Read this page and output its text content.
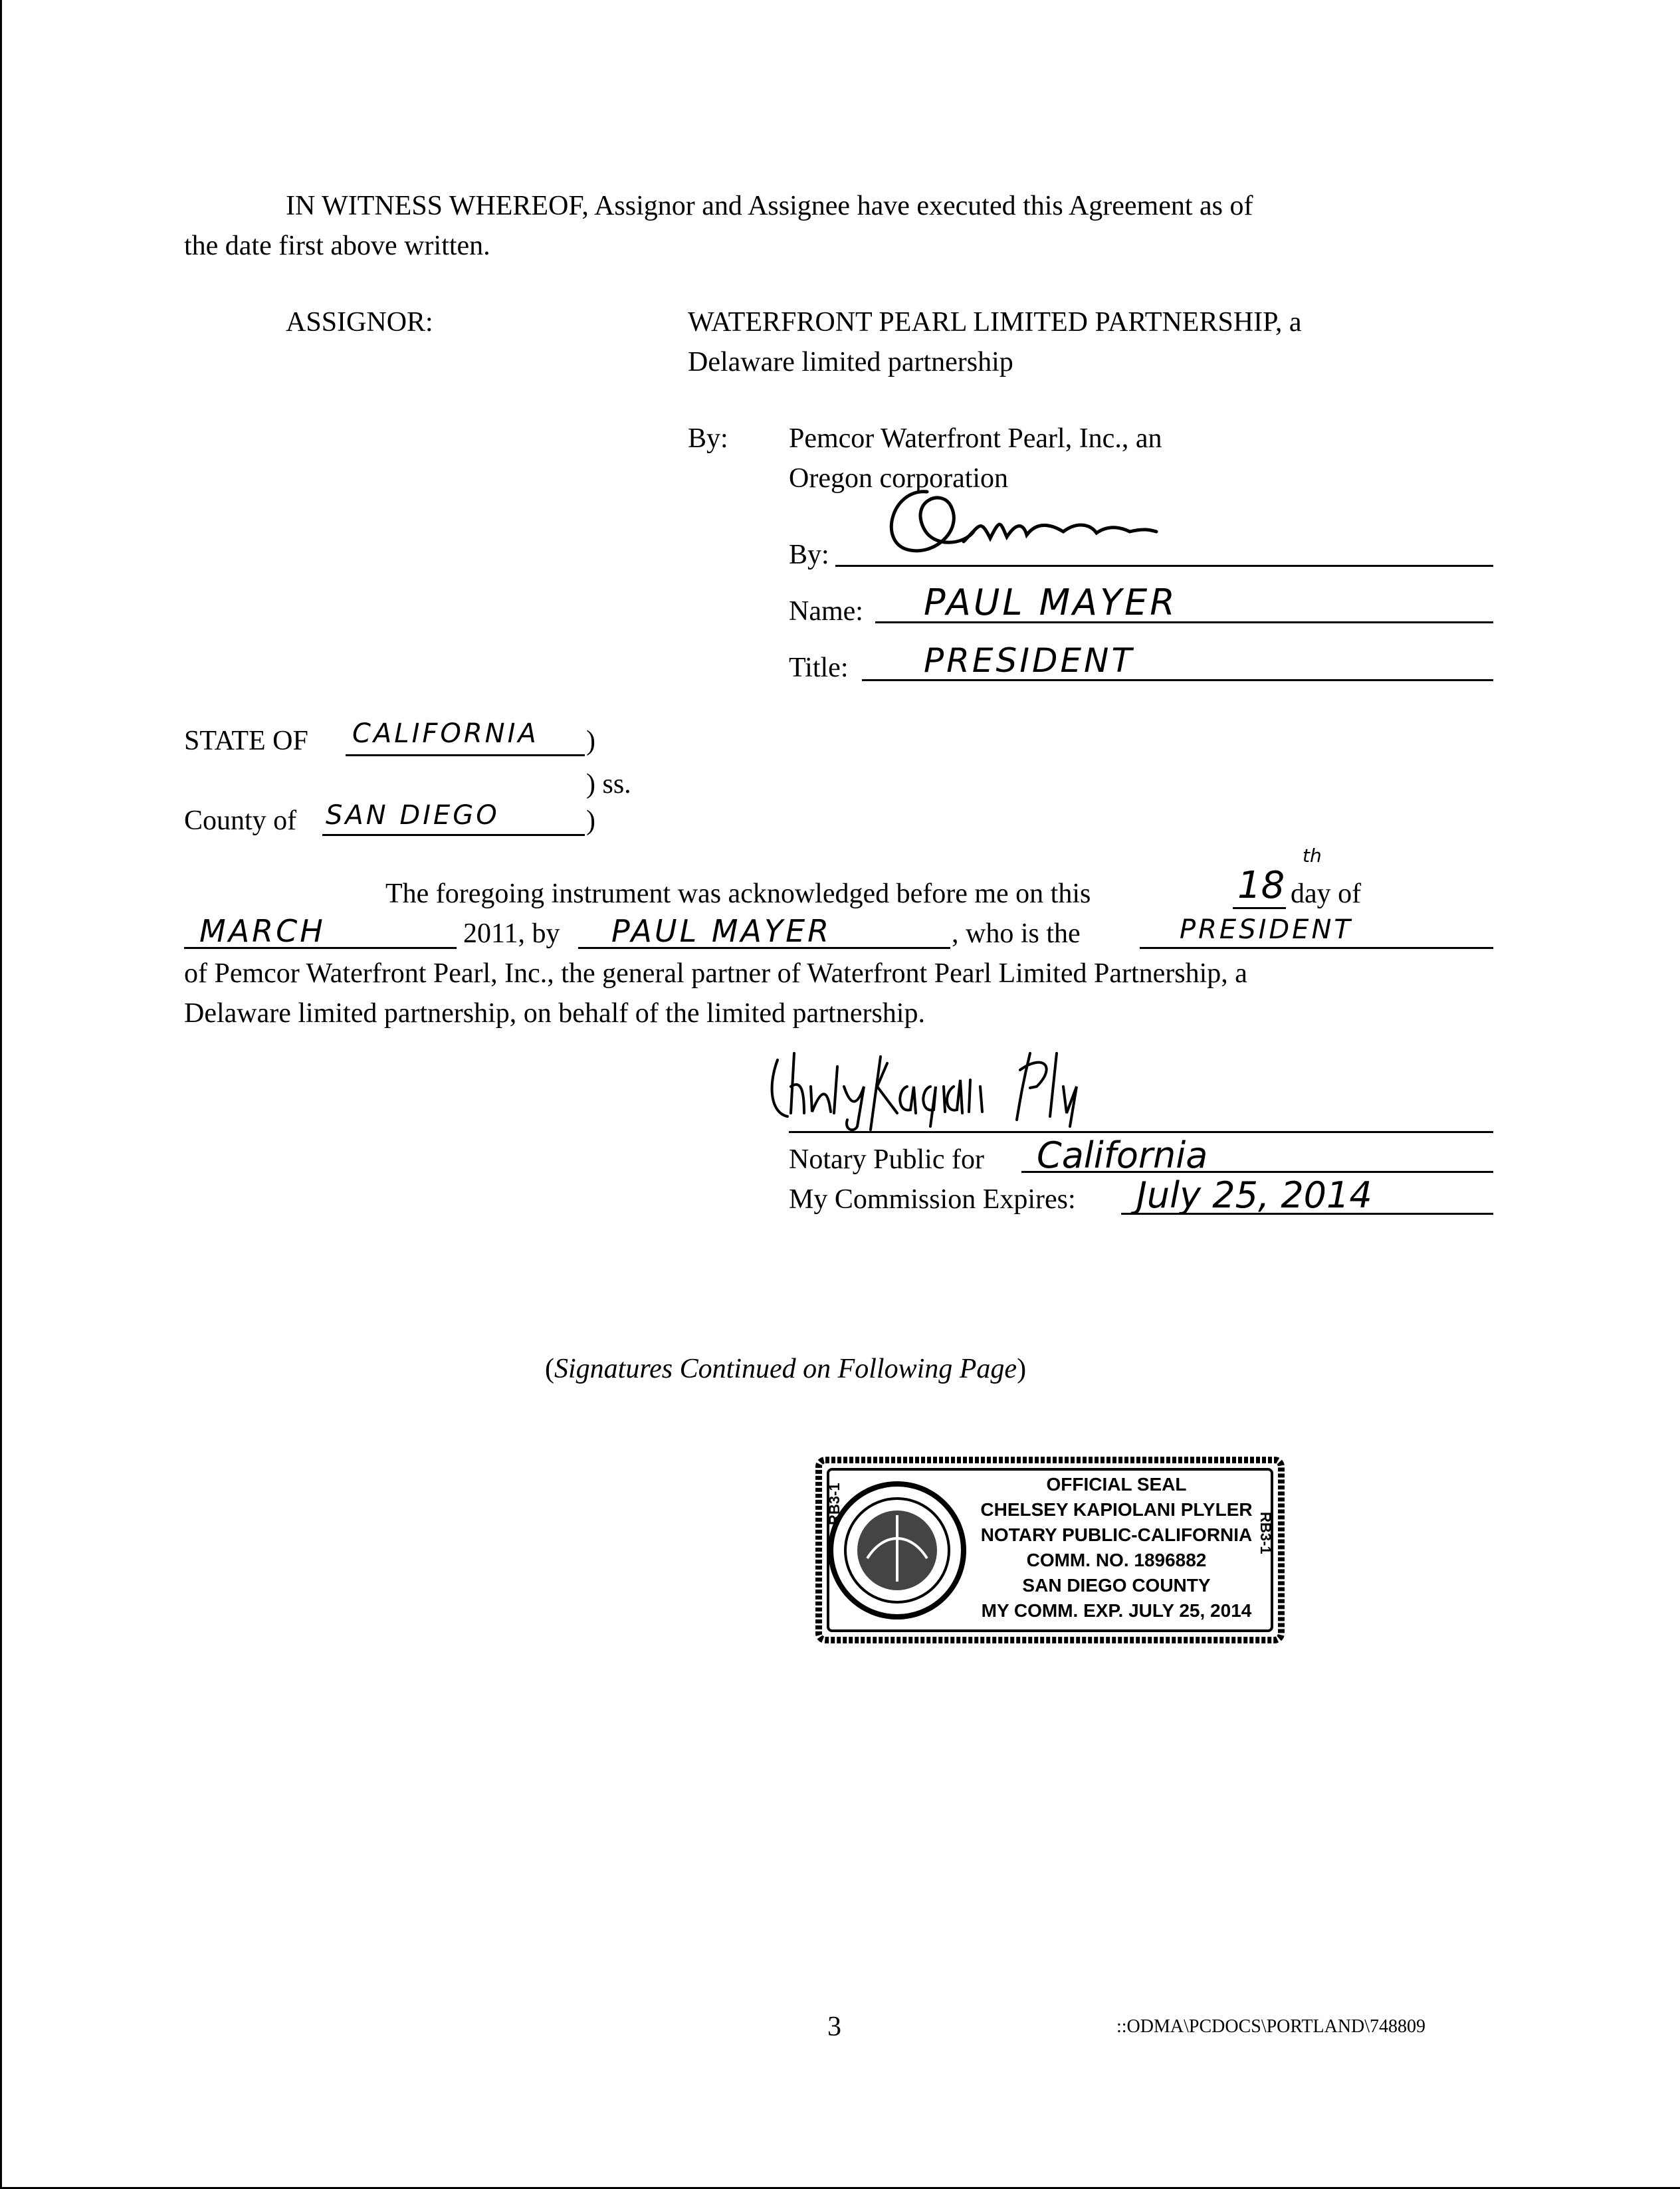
IN WITNESS WHEREOF, Assignor and Assignee have executed this Agreement as of
the date first above written.
ASSIGNOR:	WATERFRONT PEARL LIMITED PARTNERSHIP, a
Delaware limited partnership
By: Pemcor Waterfront Pearl, Inc., an
Oregon corporation
By:
Name: PAUL MAYER
Title: PRESIDENT
STATE OF CALIFORNIA )
) ss.
County of SAN DIEGO	)
The foregoing instrument was acknowledged before me on this	18
th
day of
MARCH	2011, by PAUL MAYER	, who is the	PRESIDENT
of Pemcor Waterfront Pearl, Inc., the general partner of Waterfront Pearl Limited Partnership, a
Delaware limited partnership, on behalf of the limited partnership.
Notary Public for California
My Commission Expires: July 25, 2014
(Signatures Continued on Following Page)
RB3-1
RB3-1
OFFICIAL SEAL
CHELSEY KAPIOLANI PLYLER
NOTARY PUBLIC-CALIFORNIA
COMM. NO. 1896882
SAN DIEGO COUNTY
MY COMM. EXP. JULY 25, 2014
3	::ODMA\PCDOCS\PORTLAND\748809
